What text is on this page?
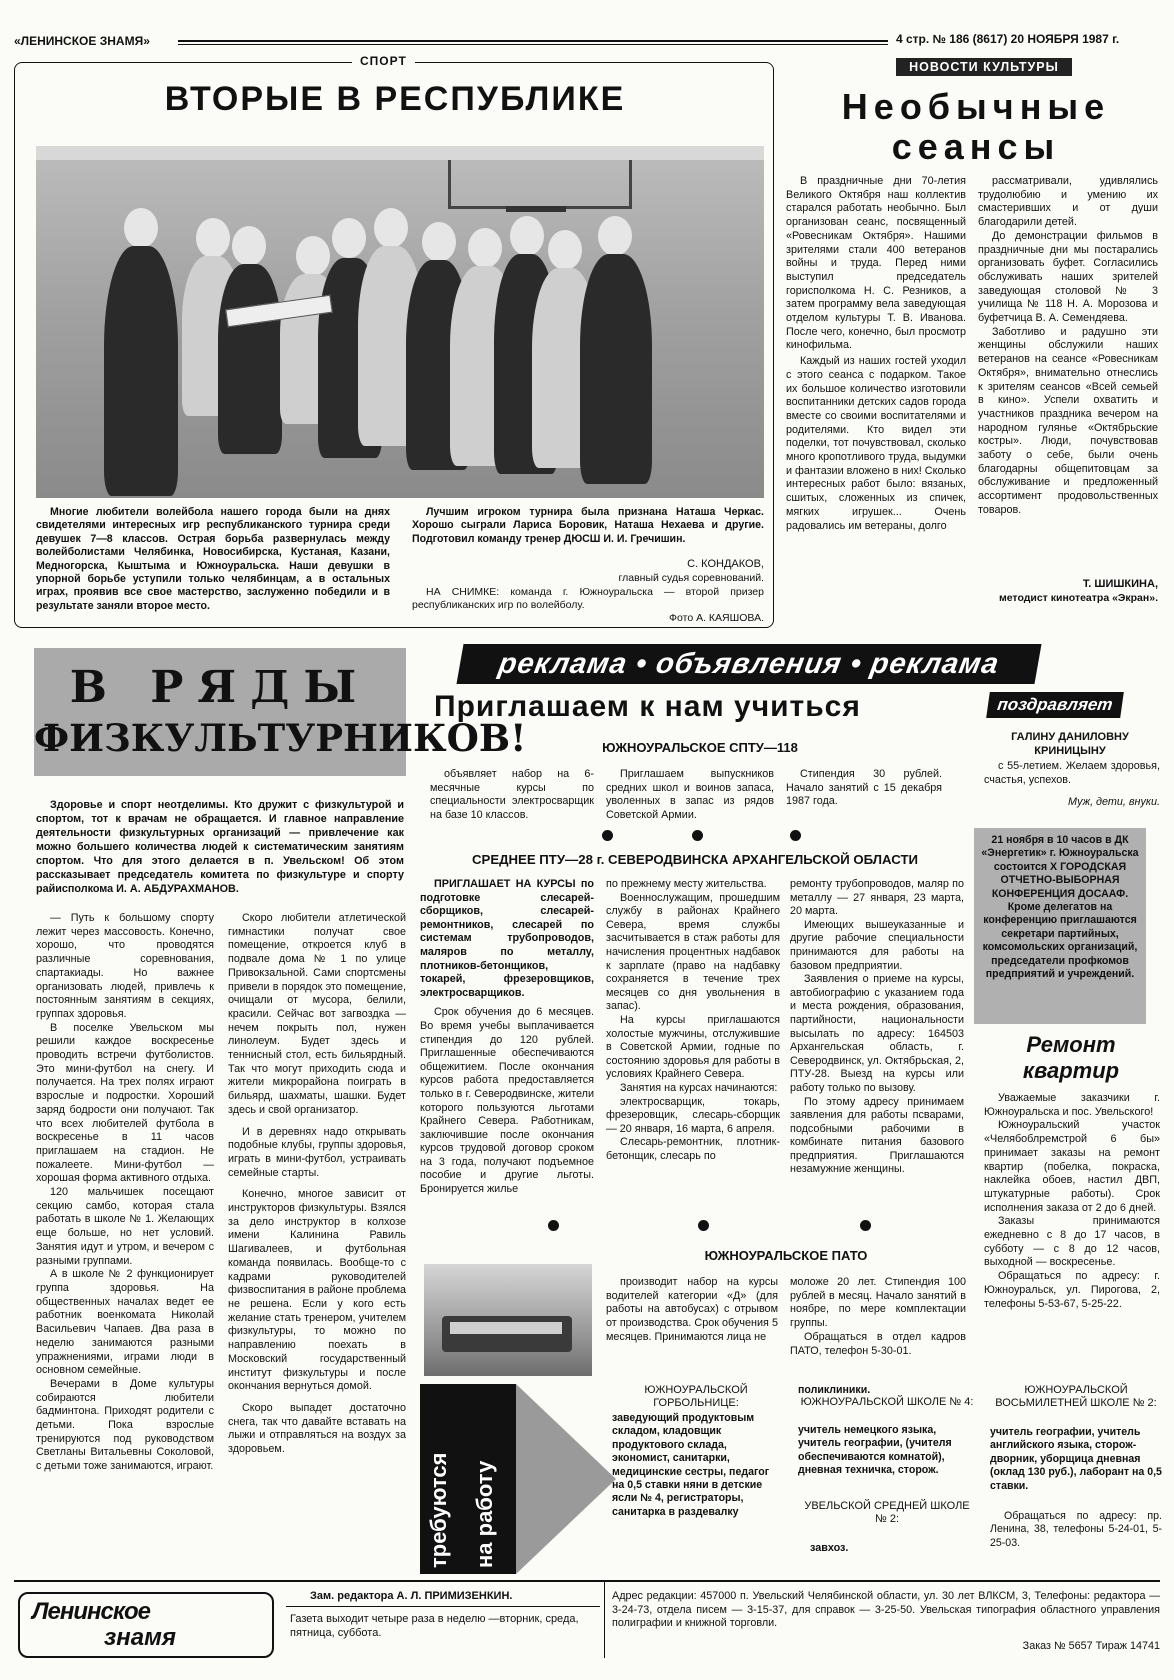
«ЛЕНИНСКОЕ ЗНАМЯ»	4 стр. № 186 (8617) 20 НОЯБРЯ 1987 г.
СПОРТ
ВТОРЫЕ В РЕСПУБЛИКЕ

Многие любители волейбола нашего города были на днях свидетелями интересных игр республиканского турнира среди девушек 7—8 классов. Острая борьба развернулась между волейболистами Челябинка, Новосибирска, Кустаная, Казани, Медногорска, Кыштыма и Южноуральска. Наши девушки в упорной борьбе уступили только челябинцам, а в остальных играх, проявив все свое мастерство, заслуженно победили и в результате заняли второе место.

Лучшим игроком турнира была признана Наташа Черкас. Хорошо сыграли Лариса Боровик, Наташа Нехаева и другие. Подготовил команду тренер ДЮСШ И. И. Гречишин.

С. КОНДАКОВ,
главный судья соревнований.

НА СНИМКЕ: команда г. Южноуральска — второй призер республиканских игр по волейболу.

Фото А. КАЯШОВА.
НОВОСТИ КУЛЬТУРЫ
Необычные
сеансы

В праздничные дни 70-летия Великого Октября наш коллектив старался работать необычно. Был организован сеанс, посвященный «Ровесникам Октября». Нашими зрителями стали 400 ветеранов войны и труда. Перед ними выступил председатель горисполкома Н. С. Резников, а затем программу вела заведующая отделом культуры Т. В. Иванова. После чего, конечно, был просмотр кинофильма.

Каждый из наших гостей уходил с этого сеанса с подарком. Такое их большое количество изготовили воспитанники детских садов города вместе со своими воспитателями и родителями. Кто видел эти поделки, тот почувствовал, сколько много кропотливого труда, выдумки и фантазии вложено в них! Сколько интересных работ было: вязаных, сшитых, сложенных из спичек, мягких игрушек... Очень радовались им ветераны, долго

рассматривали, удивлялись трудолюбию и умению их смастеривших и от души благодарили детей.

До демонстрации фильмов в праздничные дни мы постарались организовать буфет. Согласились обслуживать наших зрителей заведующая столовой № 3 училища № 118 Н. А. Морозова и буфетчица В. А. Семендяева.

Заботливо и радушно эти женщины обслужили наших ветеранов на сеансе «Ровесникам Октября», внимательно отнеслись к зрителям сеансов «Всей семьей в кино». Успели охватить и участников праздника вечером на народном гулянье «Октябрьские костры». Люди, почувствовав заботу о себе, были очень благодарны общепитовцам за обслуживание и предложенный ассортимент продовольственных товаров.

Т. ШИШКИНА,
методист кинотеатра «Экран».
В РЯДЫ
ФИЗКУЛЬТУРНИКОВ!

Здоровье и спорт неотделимы. Кто дружит с физкультурой и спортом, тот к врачам не обращается. И главное направление деятельности физкультурных организаций — привлечение как можно большего количества людей к систематическим занятиям спортом. Что для этого делается в п. Увельском! Об этом рассказывает председатель комитета по физкультуре и спорту райисполкома И. А. АБДУРАХМАНОВ.

— Путь к большому спорту лежит через массовость. Конечно, хорошо, что проводятся различные соревнования, спартакиады. Но важнее организовать людей, привлечь к постоянным занятиям в секциях, группах здоровья.

В поселке Увельском мы решили каждое воскресенье проводить встречи футболистов. Это мини-футбол на снегу. И получается. На трех полях играют взрослые и подростки. Хороший заряд бодрости они получают. Так что всех любителей футбола в воскресенье в 11 часов приглашаем на стадион. Не пожалеете. Мини-футбол — хорошая форма активного отдыха.

120 мальчишек посещают секцию самбо, которая стала работать в школе № 1. Желающих еще больше, но нет условий. Занятия идут и утром, и вечером с разными группами.

А в школе № 2 функционирует группа здоровья. На общественных началах ведет ее работник военкомата Николай Васильевич Чапаев. Два раза в неделю занимаются разными упражнениями, играми люди в основном семейные.

Вечерами в Доме культуры собираются любители бадминтона. Приходят родители с детьми. Пока взрослые тренируются под руководством Светланы Витальевны Соколовой, с детьми тоже занимаются, играют.

Скоро любители атлетической гимнастики получат свое помещение, откроется клуб в подвале дома № 1 по улице Привокзальной. Сами спортсмены привели в порядок это помещение, очищали от мусора, белили, красили. Сейчас вот загвоздка — нечем покрыть пол, нужен линолеум. Будет здесь и теннисный стол, есть бильярдный. Так что могут приходить сюда и жители микрорайона поиграть в бильярд, шахматы, шашки. Будет здесь и свой организатор.

И в деревнях надо открывать подобные клубы, группы здоровья, играть в мини-футбол, устраивать семейные старты.

Конечно, многое зависит от инструкторов физкультуры. Взялся за дело инструктор в колхозе имени Калинина Равиль Шагивалеев, и футбольная команда появилась. Вообще-то с кадрами руководителей физвоспитания в районе проблема не решена. Если у кого есть желание стать тренером, учителем физкультуры, то можно по направлению поехать в Московский государственный институт физкультуры и после окончания вернуться домой.

Скоро выпадет достаточно снега, так что давайте вставать на лыжи и отправляться на воздух за здоровьем.

реклама • объявления • реклама
Приглашаем к нам учиться
ЮЖНОУРАЛЬСКОЕ СПТУ—118

объявляет набор на 6-месячные курсы по специальности электросварщик на базе 10 классов.

Приглашаем выпускников средних школ и воинов запаса, уволенных в запас из рядов Советской Армии.

Стипендия 30 рублей. Начало занятий с 15 декабря 1987 года.

СРЕДНЕЕ ПТУ—28 г. СЕВЕРОДВИНСКА АРХАНГЕЛЬСКОЙ ОБЛАСТИ

ПРИГЛАШАЕТ НА КУРСЫ по подготовке слесарей-сборщиков, слесарей-ремонтников, слесарей по системам трубопроводов, маляров по металлу, плотников-бетонщиков, токарей, фрезеровщиков, электросварщиков.

Срок обучения до 6 месяцев. Во время учебы выплачивается стипендия до 120 рублей. Приглашенные обеспечиваются общежитием. После окончания курсов работа предоставляется только в г. Северодвинске, жители которого пользуются льготами Крайнего Севера. Работникам, заключившие после окончания курсов трудовой договор сроком на 3 года, получают подъемное пособие и другие льготы. Бронируется жилье

по прежнему месту жительства.

Военнослужащим, прошедшим службу в районах Крайнего Севера, время службы засчитывается в стаж работы для начисления процентных надбавок к зарплате (право на надбавку сохраняется в течение трех месяцев со дня увольнения в запас).

На курсы приглашаются холостые мужчины, отслужившие в Советской Армии, годные по состоянию здоровья для работы в условиях Крайнего Севера.

Занятия на курсах начинаются:

электросварщик, токарь, фрезеровщик, слесарь-сборщик — 20 января, 16 марта, 6 апреля.

Слесарь-ремонтник, плотник-бетонщик, слесарь по

ремонту трубопроводов, маляр по металлу — 27 января, 23 марта, 20 марта.

Имеющих вышеуказанные и другие рабочие специальности принимаются для работы на базовом предприятии.

Заявления о приеме на курсы, автобиографию с указанием года и места рождения, образования, партийности, национальности высылать по адресу: 164503 Архангельская область, г. Северодвинск, ул. Октябрьская, 2, ПТУ-28. Выезд на курсы или работу только по вызову.

По этому адресу принимаем заявления для работы псварами, подсобными рабочими в комбинате питания базового предприятия. Приглашаются незамужние женщины.

ЮЖНОУРАЛЬСКОЕ ПАТО

производит набор на курсы водителей категории «Д» (для работы на автобусах) с отрывом от производства. Срок обучения 5 месяцев. Принимаются лица не

моложе 20 лет. Стипендия 100 рублей в месяц. Начало занятий в ноябре, по мере комплектации группы.

Обращаться в отдел кадров ПАТО, телефон 5-30-01.

требуются на работу
ЮЖНОУРАЛЬСКОЙ ГОРБОЛЬНИЦЕ:

заведующий продуктовым складом, кладовщик продуктового склада, экономист, санитарки, медицинские сестры, педагог на 0,5 ставки няни в детские ясли № 4, регистраторы, санитарка в раздевалку

поликлиники.
ЮЖНОУРАЛЬСКОЙ ШКОЛЕ № 4:

учитель немецкого языка, учитель географии, (учителя обеспечиваются комнатой), дневная техничка, сторож.

УВЕЛЬСКОЙ СРЕДНЕЙ ШКОЛЕ № 2:
завхоз.
ЮЖНОУРАЛЬСКОЙ ВОСЬМИЛЕТНЕЙ ШКОЛЕ № 2:

учитель географии, учитель английского языка, сторож-дворник, уборщица дневная (оклад 130 руб.), лаборант на 0,5 ставки.

Обращаться по адресу: пр. Ленина, 38, телефоны 5-24-01, 5-25-03.

поздравляет
ГАЛИНУ ДАНИЛОВНУ КРИНИЦЫНУ

с 55-летием. Желаем здоровья, счастья, успехов.

Муж, дети, внуки.

21 ноября в 10 часов в ДК «Энергетик» г. Южноуральска состоится X ГОРОДСКАЯ ОТЧЕТНО-ВЫБОРНАЯ КОНФЕРЕНЦИЯ ДОСААФ. Кроме делегатов на конференцию приглашаются секретари партийных, комсомольских организаций, председатели профкомов предприятий и учреждений.

Ремонт
квартир

Уважаемые заказчики г. Южноуральска и пос. Увельского!

Южноуральский участок «Челябоблремстрой 6 бы» принимает заказы на ремонт квартир (побелка, покраска, наклейка обоев, настил ДВП, штукатурные работы). Срок исполнения заказа от 2 до 6 дней.

Заказы принимаются ежедневно с 8 до 17 часов, в субботу — с 8 до 12 часов, выходной — воскресенье.

Обращаться по адресу: г. Южноуральск, ул. Пирогова, 2, телефоны 5-53-67, 5-25-22.

Ленинское
знамя
Зам. редактора А. Л. ПРИМИЗЕНКИН.
Газета выходит четыре раза в неделю —вторник, среда, пятница, суббота.
Адрес редакции: 457000 п. Увельский Челябинской области, ул. 30 лет ВЛКСМ, 3, Телефоны: редактора — 3-24-73, отдела писем — 3-15-37, для справок — 3-25-50. Увельская типография областного управления полиграфии и книжной торговли.
Заказ № 5657 Тираж 14741
